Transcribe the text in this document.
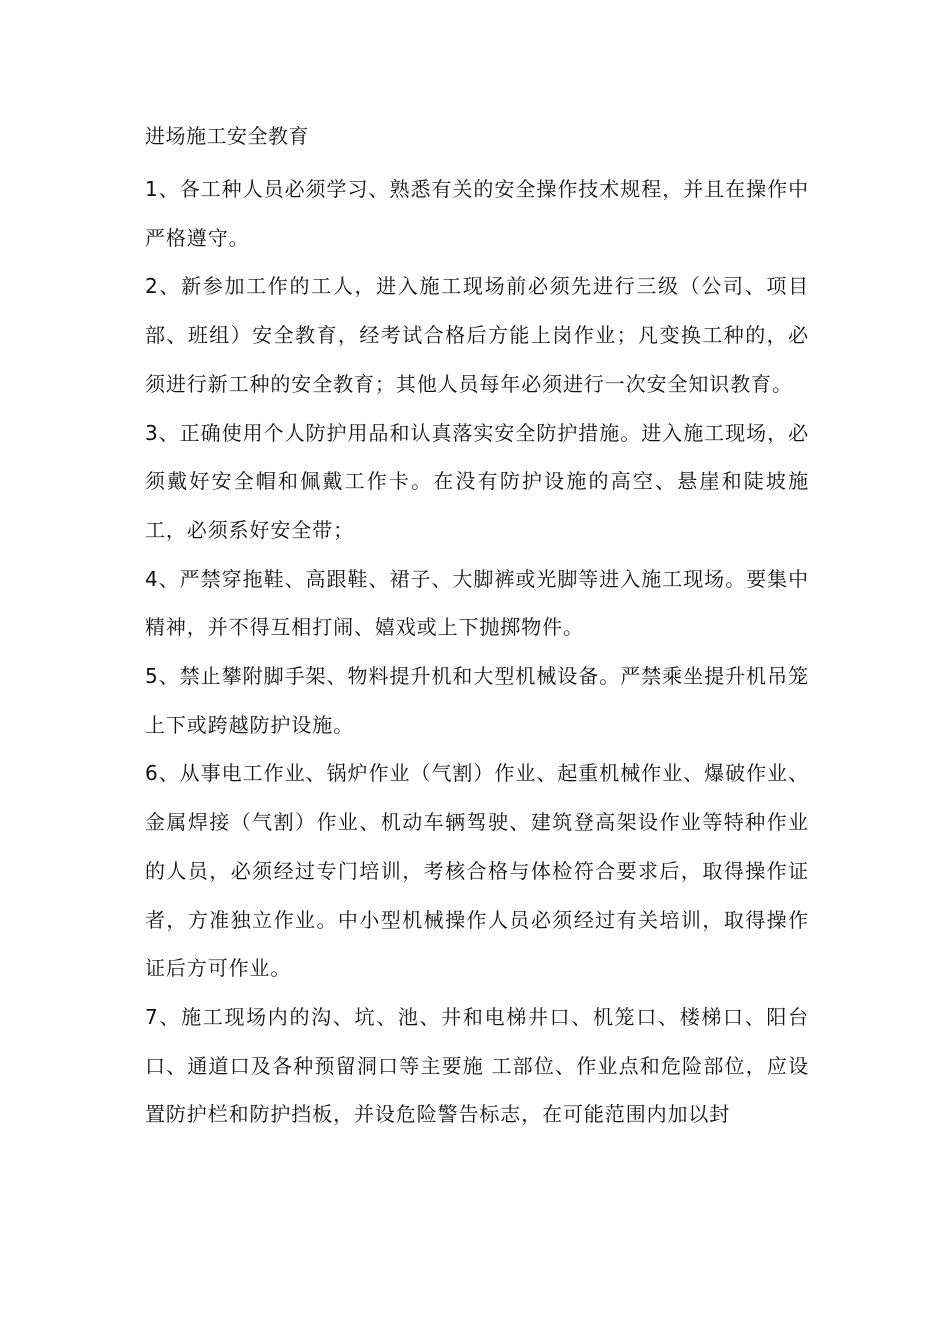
进场施工安全教育

1、各工种人员必须学习、熟悉有关的安全操作技术规程，并且在操作中严格遵守。

2、新参加工作的工人，进入施工现场前必须先进行三级（公司、项目部、班组）安全教育，经考试合格后方能上岗作业；凡变换工种的，必须进行新工种的安全教育；其他人员每年必须进行一次安全知识教育。

3、正确使用个人防护用品和认真落实安全防护措施。进入施工现场，必须戴好安全帽和佩戴工作卡。在没有防护设施的高空、悬崖和陡坡施工，必须系好安全带；

4、严禁穿拖鞋、高跟鞋、裙子、大脚裤或光脚等进入施工现场。要集中精神，并不得互相打闹、嬉戏或上下抛掷物件。

5、禁止攀附脚手架、物料提升机和大型机械设备。严禁乘坐提升机吊笼上下或跨越防护设施。

6、从事电工作业、锅炉作业（气割）作业、起重机械作业、爆破作业、金属焊接（气割）作业、机动车辆驾驶、建筑登高架设作业等特种作业的人员，必须经过专门培训，考核合格与体检符合要求后，取得操作证者，方准独立作业。中小型机械操作人员必须经过有关培训，取得操作证后方可作业。

7、施工现场内的沟、坑、池、井和电梯井口、机笼口、楼梯口、阳台口、通道口及各种预留洞口等主要施 工部位、作业点和危险部位，应设置防护栏和防护挡板，并设危险警告标志，在可能范围内加以封
